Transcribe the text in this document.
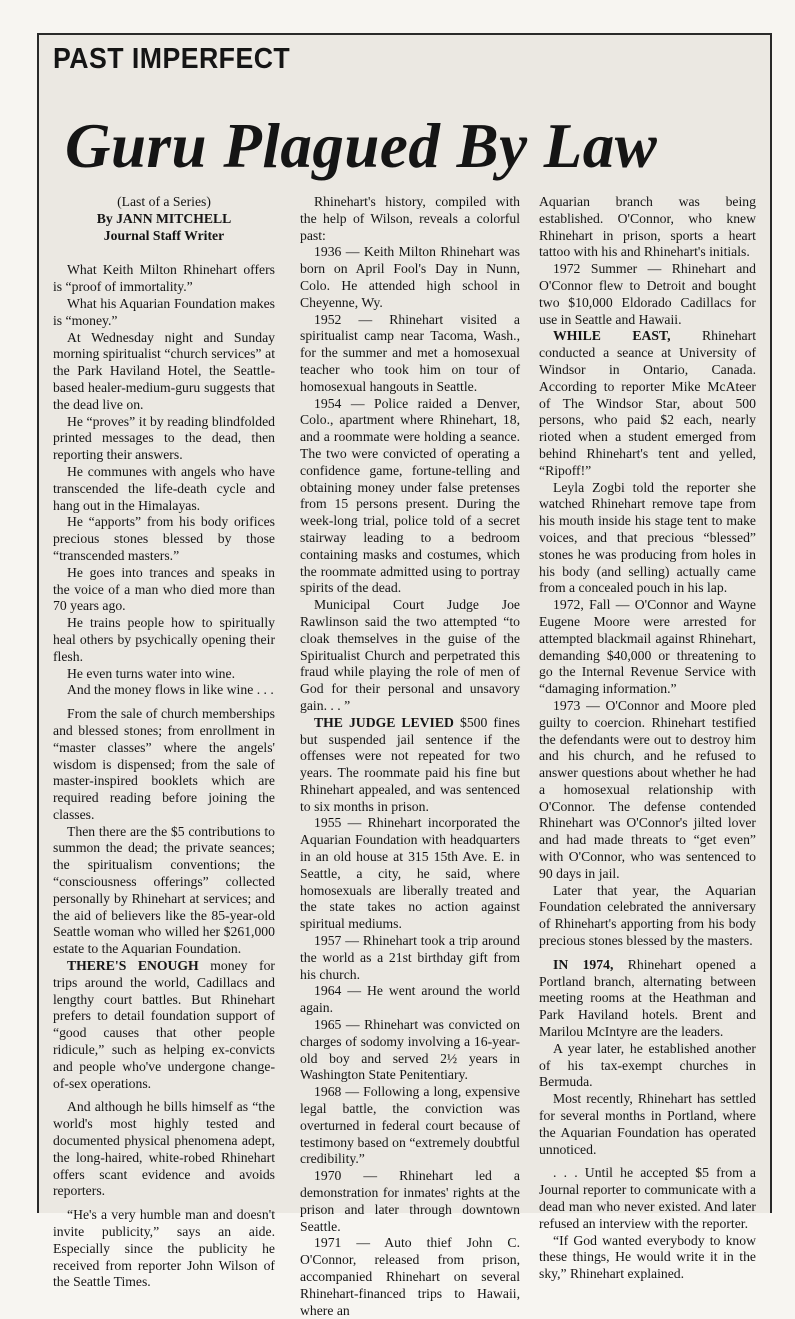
PAST IMPERFECT
Guru Plagued By Law
(Last of a Series)
By JANN MITCHELL
Journal Staff Writer

What Keith Milton Rhinehart offers is “proof of immortality.”

What his Aquarian Foundation makes is “money.”

At Wednesday night and Sunday morning spiritualist “church services” at the Park Haviland Hotel, the Seattle-based healer-medium-guru suggests that the dead live on.

He “proves” it by reading blindfolded printed messages to the dead, then reporting their answers.

He communes with angels who have transcended the life-death cycle and hang out in the Himalayas.

He “apports” from his body orifices precious stones blessed by those “transcended masters.”

He goes into trances and speaks in the voice of a man who died more than 70 years ago.

He trains people how to spiritually heal others by psychically opening their flesh.

He even turns water into wine.

And the money flows in like wine . . .

From the sale of church memberships and blessed stones; from enrollment in “master classes” where the angels' wisdom is dispensed; from the sale of master-inspired booklets which are required reading before joining the classes.

Then there are the $5 contributions to summon the dead; the private seances; the spiritualism conventions; the “consciousness offerings” collected personally by Rhinehart at services; and the aid of believers like the 85-year-old Seattle woman who willed her $261,000 estate to the Aquarian Foundation.

THERE'S ENOUGH money for trips around the world, Cadillacs and lengthy court battles. But Rhinehart prefers to detail foundation support of “good causes that other people ridicule,” such as helping ex-convicts and people who've undergone change-of-sex operations.

And although he bills himself as “the world's most highly tested and documented physical phenomena adept, the long-haired, white-robed Rhinehart offers scant evidence and avoids reporters.

“He's a very humble man and doesn't invite publicity,” says an aide. Especially since the publicity he received from reporter John Wilson of the Seattle Times.

Rhinehart's history, compiled with the help of Wilson, reveals a colorful past:

1936 — Keith Milton Rhinehart was born on April Fool's Day in Nunn, Colo. He attended high school in Cheyenne, Wy.

1952 — Rhinehart visited a spiritualist camp near Tacoma, Wash., for the summer and met a homosexual teacher who took him on tour of homosexual hangouts in Seattle.

1954 — Police raided a Denver, Colo., apartment where Rhinehart, 18, and a roommate were holding a seance. The two were convicted of operating a confidence game, fortune-telling and obtaining money under false pretenses from 15 persons present. During the week-long trial, police told of a secret stairway leading to a bedroom containing masks and costumes, which the roommate admitted using to portray spirits of the dead.

Municipal Court Judge Joe Rawlinson said the two attempted “to cloak themselves in the guise of the Spiritualist Church and perpetrated this fraud while playing the role of men of God for their personal and unsavory gain. . . ”

THE JUDGE LEVIED $500 fines but suspended jail sentence if the offenses were not repeated for two years. The roommate paid his fine but Rhinehart appealed, and was sentenced to six months in prison.

1955 — Rhinehart incorporated the Aquarian Foundation with headquarters in an old house at 315 15th Ave. E. in Seattle, a city, he said, where homosexuals are liberally treated and the state takes no action against spiritual mediums.

1957 — Rhinehart took a trip around the world as a 21st birthday gift from his church.

1964 — He went around the world again.

1965 — Rhinehart was convicted on charges of sodomy involving a 16-year-old boy and served 2½ years in Washington State Penitentiary.

1968 — Following a long, expensive legal battle, the conviction was overturned in federal court because of testimony based on “extremely doubtful credibility.”

1970 — Rhinehart led a demonstration for inmates' rights at the prison and later through downtown Seattle.

1971 — Auto thief John C. O'Connor, released from prison, accompanied Rhinehart on several Rhinehart-financed trips to Hawaii, where an

Aquarian branch was being established. O'Connor, who knew Rhinehart in prison, sports a heart tattoo with his and Rhinehart's initials.

1972 Summer — Rhinehart and O'Connor flew to Detroit and bought two $10,000 Eldorado Cadillacs for use in Seattle and Hawaii.

WHILE EAST, Rhinehart conducted a seance at University of Windsor in Ontario, Canada. According to reporter Mike McAteer of The Windsor Star, about 500 persons, who paid $2 each, nearly rioted when a student emerged from behind Rhinehart's tent and yelled, “Ripoff!”

Leyla Zogbi told the reporter she watched Rhinehart remove tape from his mouth inside his stage tent to make voices, and that precious “blessed” stones he was producing from holes in his body (and selling) actually came from a concealed pouch in his lap.

1972, Fall — O'Connor and Wayne Eugene Moore were arrested for attempted blackmail against Rhinehart, demanding $40,000 or threatening to go the Internal Revenue Service with “damaging information.”

1973 — O'Connor and Moore pled guilty to coercion. Rhinehart testified the defendants were out to destroy him and his church, and he refused to answer questions about whether he had a homosexual relationship with O'Connor. The defense contended Rhinehart was O'Connor's jilted lover and had made threats to “get even” with O'Connor, who was sentenced to 90 days in jail.

Later that year, the Aquarian Foundation celebrated the anniversary of Rhinehart's apporting from his body precious stones blessed by the masters.

IN 1974, Rhinehart opened a Portland branch, alternating between meeting rooms at the Heathman and Park Haviland hotels. Brent and Marilou McIntyre are the leaders.

A year later, he established another of his tax-exempt churches in Bermuda.

Most recently, Rhinehart has settled for several months in Portland, where the Aquarian Foundation has operated unnoticed.

. . . Until he accepted $5 from a Journal reporter to communicate with a dead man who never existed. And later refused an interview with the reporter.

“If God wanted everybody to know these things, He would write it in the sky,” Rhinehart explained.
